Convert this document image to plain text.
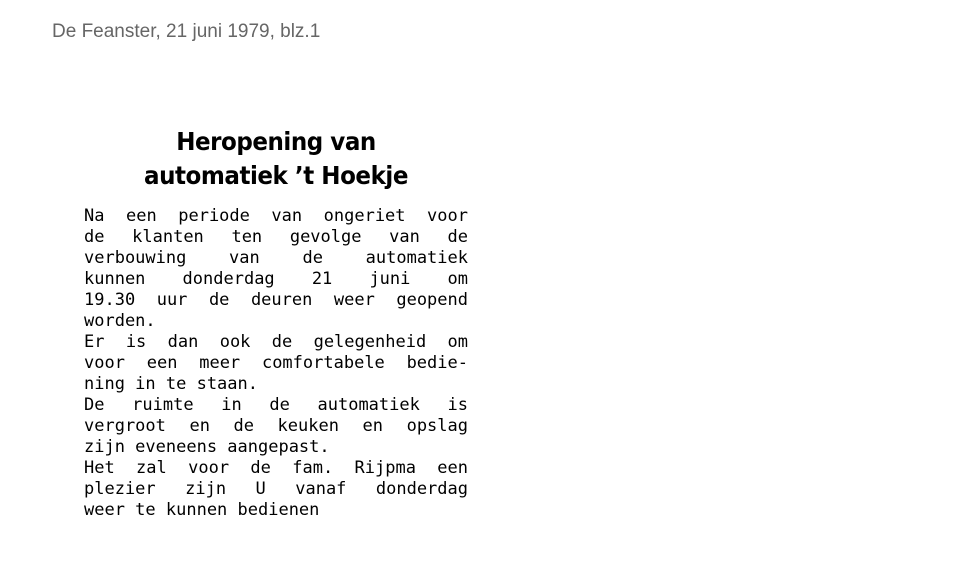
De Feanster, 21 juni 1979, blz.1
Heropening van
automatiek ’t Hoekje
Na een periode van ongeriet voor
de klanten ten gevolge van de
verbouwing van de automatiek
kunnen donderdag 21 juni om
19.30 uur de deuren weer geopend
worden.
Er is dan ook de gelegenheid om
voor een meer comfortabele bedie-
ning in te staan.
De ruimte in de automatiek is
vergroot en de keuken en opslag
zijn eveneens aangepast.
Het zal voor de fam. Rijpma een
plezier zijn U vanaf donderdag
weer te kunnen bedienen
